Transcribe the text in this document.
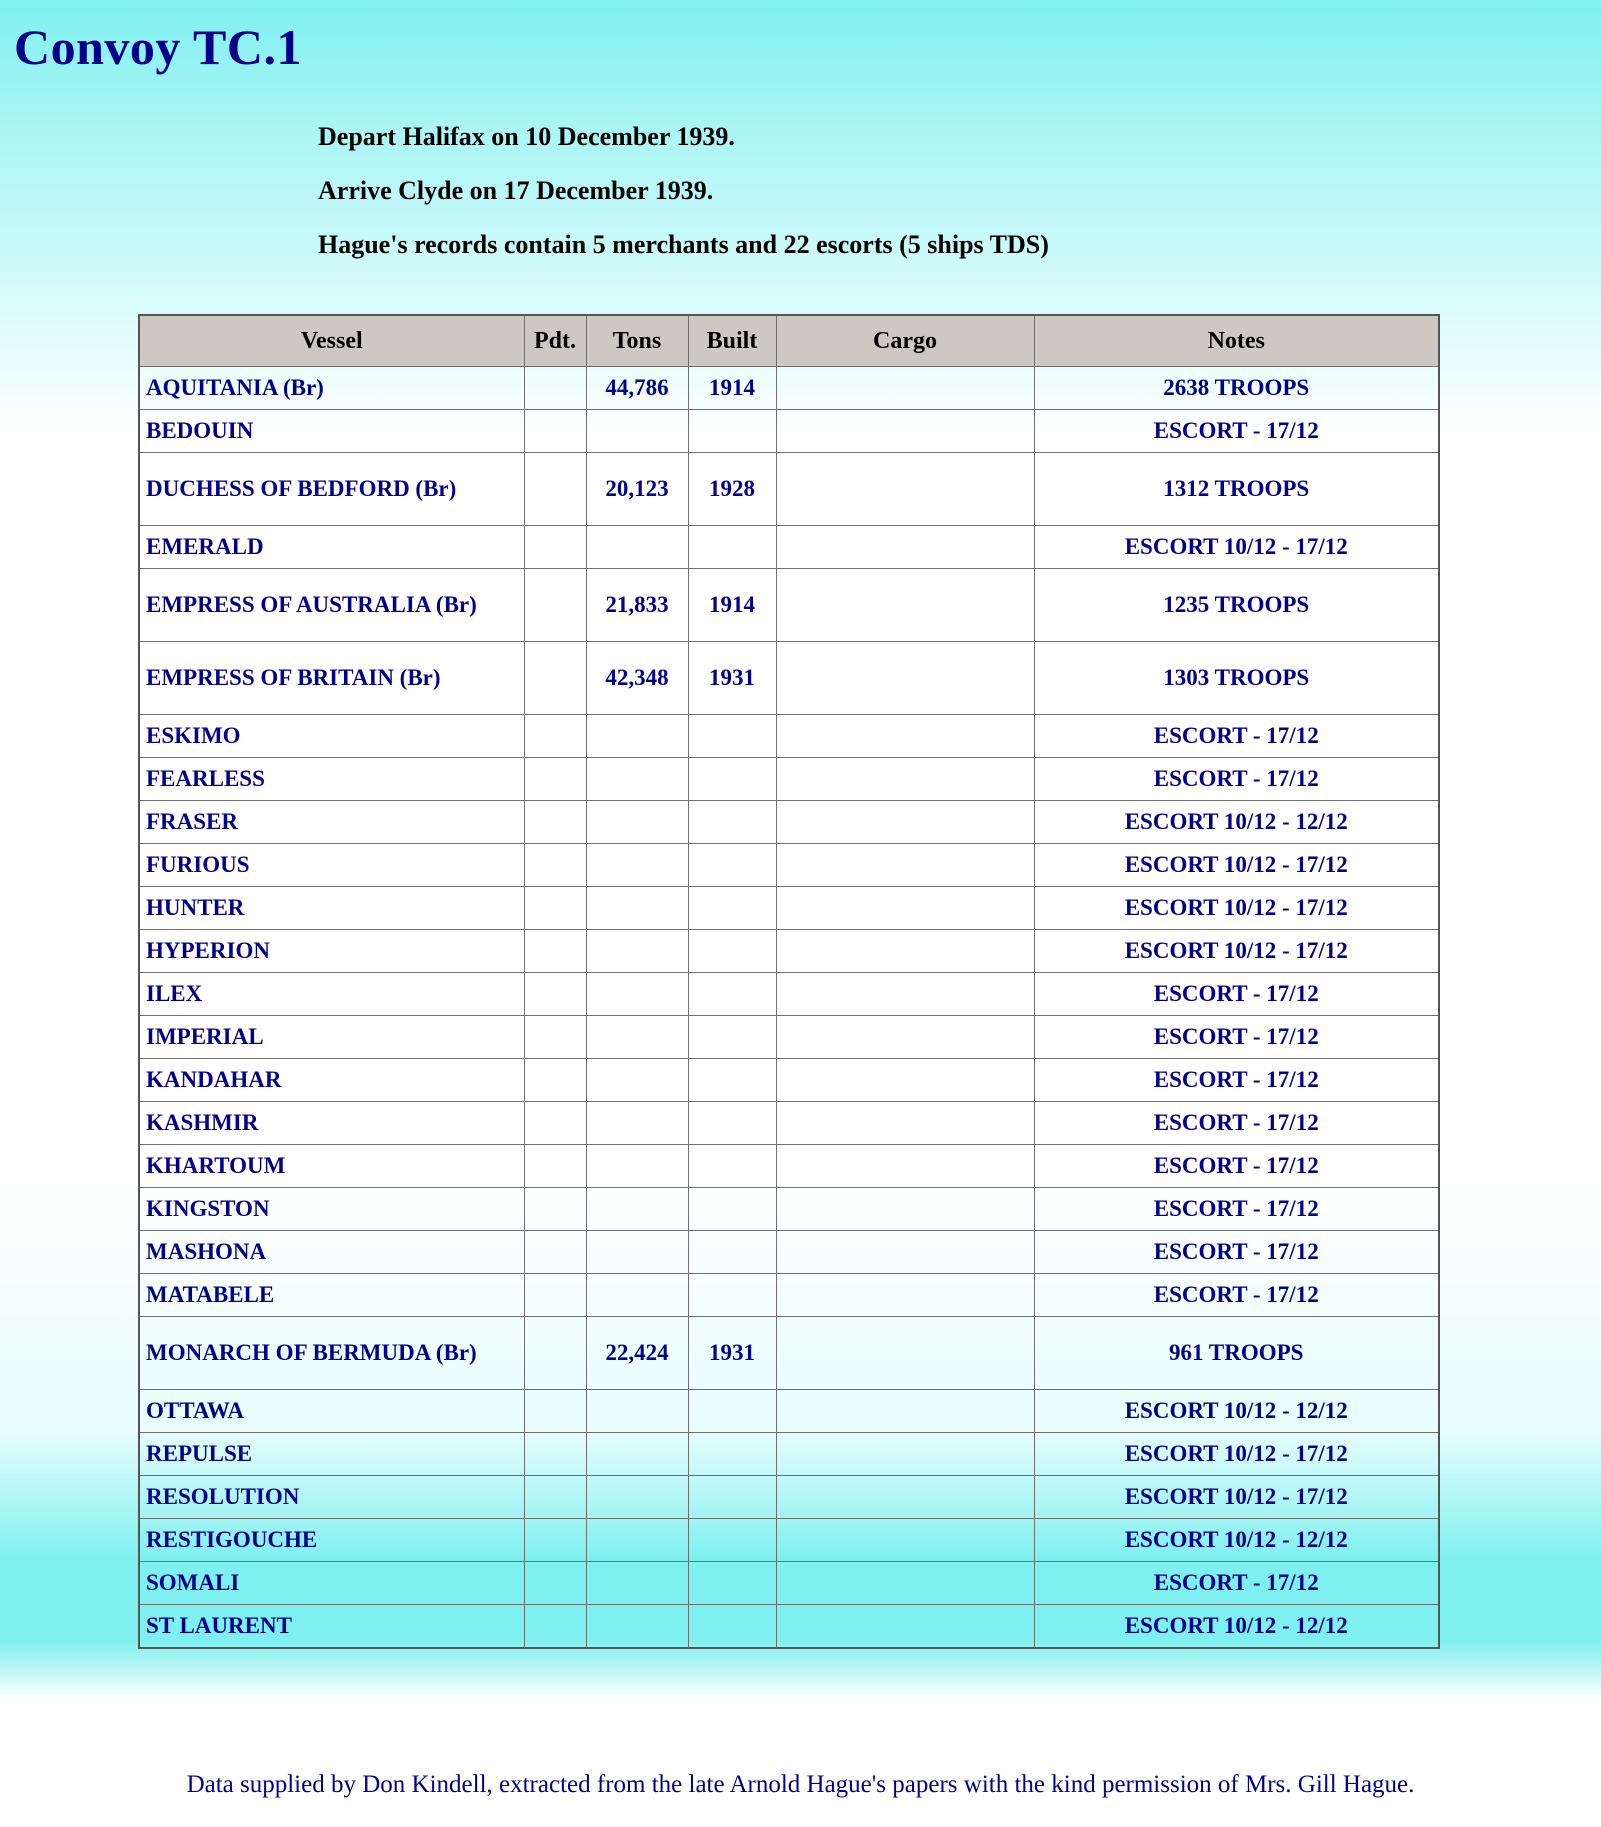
Convoy TC.1
Depart Halifax on 10 December 1939.
Arrive Clyde on 17 December 1939.
Hague's records contain 5 merchants and 22 escorts (5 ships TDS)
Vessel	Pdt.	Tons	Built	Cargo	Notes
AQUITANIA (Br)		44,786	1914		2638 TROOPS
BEDOUIN					ESCORT - 17/12
DUCHESS OF BEDFORD (Br)		20,123	1928		1312 TROOPS
EMERALD					ESCORT 10/12 - 17/12
EMPRESS OF AUSTRALIA (Br)		21,833	1914		1235 TROOPS
EMPRESS OF BRITAIN (Br)		42,348	1931		1303 TROOPS
ESKIMO					ESCORT - 17/12
FEARLESS					ESCORT - 17/12
FRASER					ESCORT 10/12 - 12/12
FURIOUS					ESCORT 10/12 - 17/12
HUNTER					ESCORT 10/12 - 17/12
HYPERION					ESCORT 10/12 - 17/12
ILEX					ESCORT - 17/12
IMPERIAL					ESCORT - 17/12
KANDAHAR					ESCORT - 17/12
KASHMIR					ESCORT - 17/12
KHARTOUM					ESCORT - 17/12
KINGSTON					ESCORT - 17/12
MASHONA					ESCORT - 17/12
MATABELE					ESCORT - 17/12
MONARCH OF BERMUDA (Br)		22,424	1931		961 TROOPS
OTTAWA					ESCORT 10/12 - 12/12
REPULSE					ESCORT 10/12 - 17/12
RESOLUTION					ESCORT 10/12 - 17/12
RESTIGOUCHE					ESCORT 10/12 - 12/12
SOMALI					ESCORT - 17/12
ST LAURENT					ESCORT 10/12 - 12/12
Data supplied by Don Kindell, extracted from the late Arnold Hague's papers with the kind permission of Mrs. Gill Hague.
